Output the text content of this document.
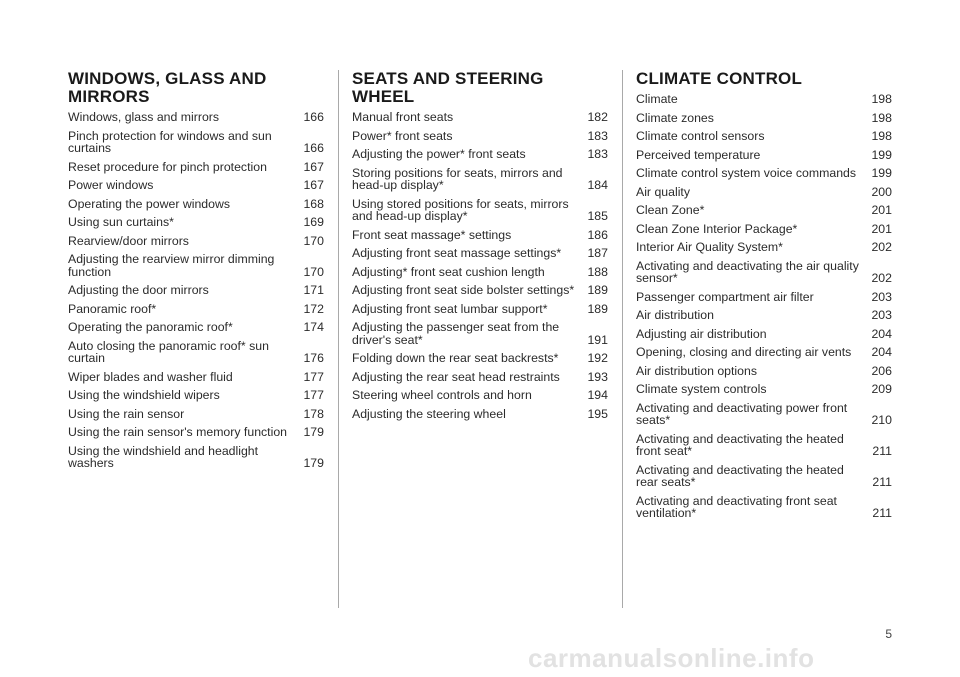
WINDOWS, GLASS AND MIRRORS
Windows, glass and mirrors	166
Pinch protection for windows and sun curtains	166
Reset procedure for pinch protection	167
Power windows	167
Operating the power windows	168
Using sun curtains*	169
Rearview/door mirrors	170
Adjusting the rearview mirror dimming function	170
Adjusting the door mirrors	171
Panoramic roof*	172
Operating the panoramic roof*	174
Auto closing the panoramic roof* sun curtain	176
Wiper blades and washer fluid	177
Using the windshield wipers	177
Using the rain sensor	178
Using the rain sensor's memory function	179
Using the windshield and headlight washers	179
SEATS AND STEERING WHEEL
Manual front seats	182
Power* front seats	183
Adjusting the power* front seats	183
Storing positions for seats, mirrors and head-up display*	184
Using stored positions for seats, mirrors and head-up display*	185
Front seat massage* settings	186
Adjusting front seat massage settings*	187
Adjusting* front seat cushion length	188
Adjusting front seat side bolster settings*	189
Adjusting front seat lumbar support*	189
Adjusting the passenger seat from the driver's seat*	191
Folding down the rear seat backrests*	192
Adjusting the rear seat head restraints	193
Steering wheel controls and horn	194
Adjusting the steering wheel	195
CLIMATE CONTROL
Climate	198
Climate zones	198
Climate control sensors	198
Perceived temperature	199
Climate control system voice commands	199
Air quality	200
Clean Zone*	201
Clean Zone Interior Package*	201
Interior Air Quality System*	202
Activating and deactivating the air quality sensor*	202
Passenger compartment air filter	203
Air distribution	203
Adjusting air distribution	204
Opening, closing and directing air vents	204
Air distribution options	206
Climate system controls	209
Activating and deactivating power front seats*	210
Activating and deactivating the heated front seat*	211
Activating and deactivating the heated rear seats*	211
Activating and deactivating front seat ventilation*	211
5
carmanualsonline.info
